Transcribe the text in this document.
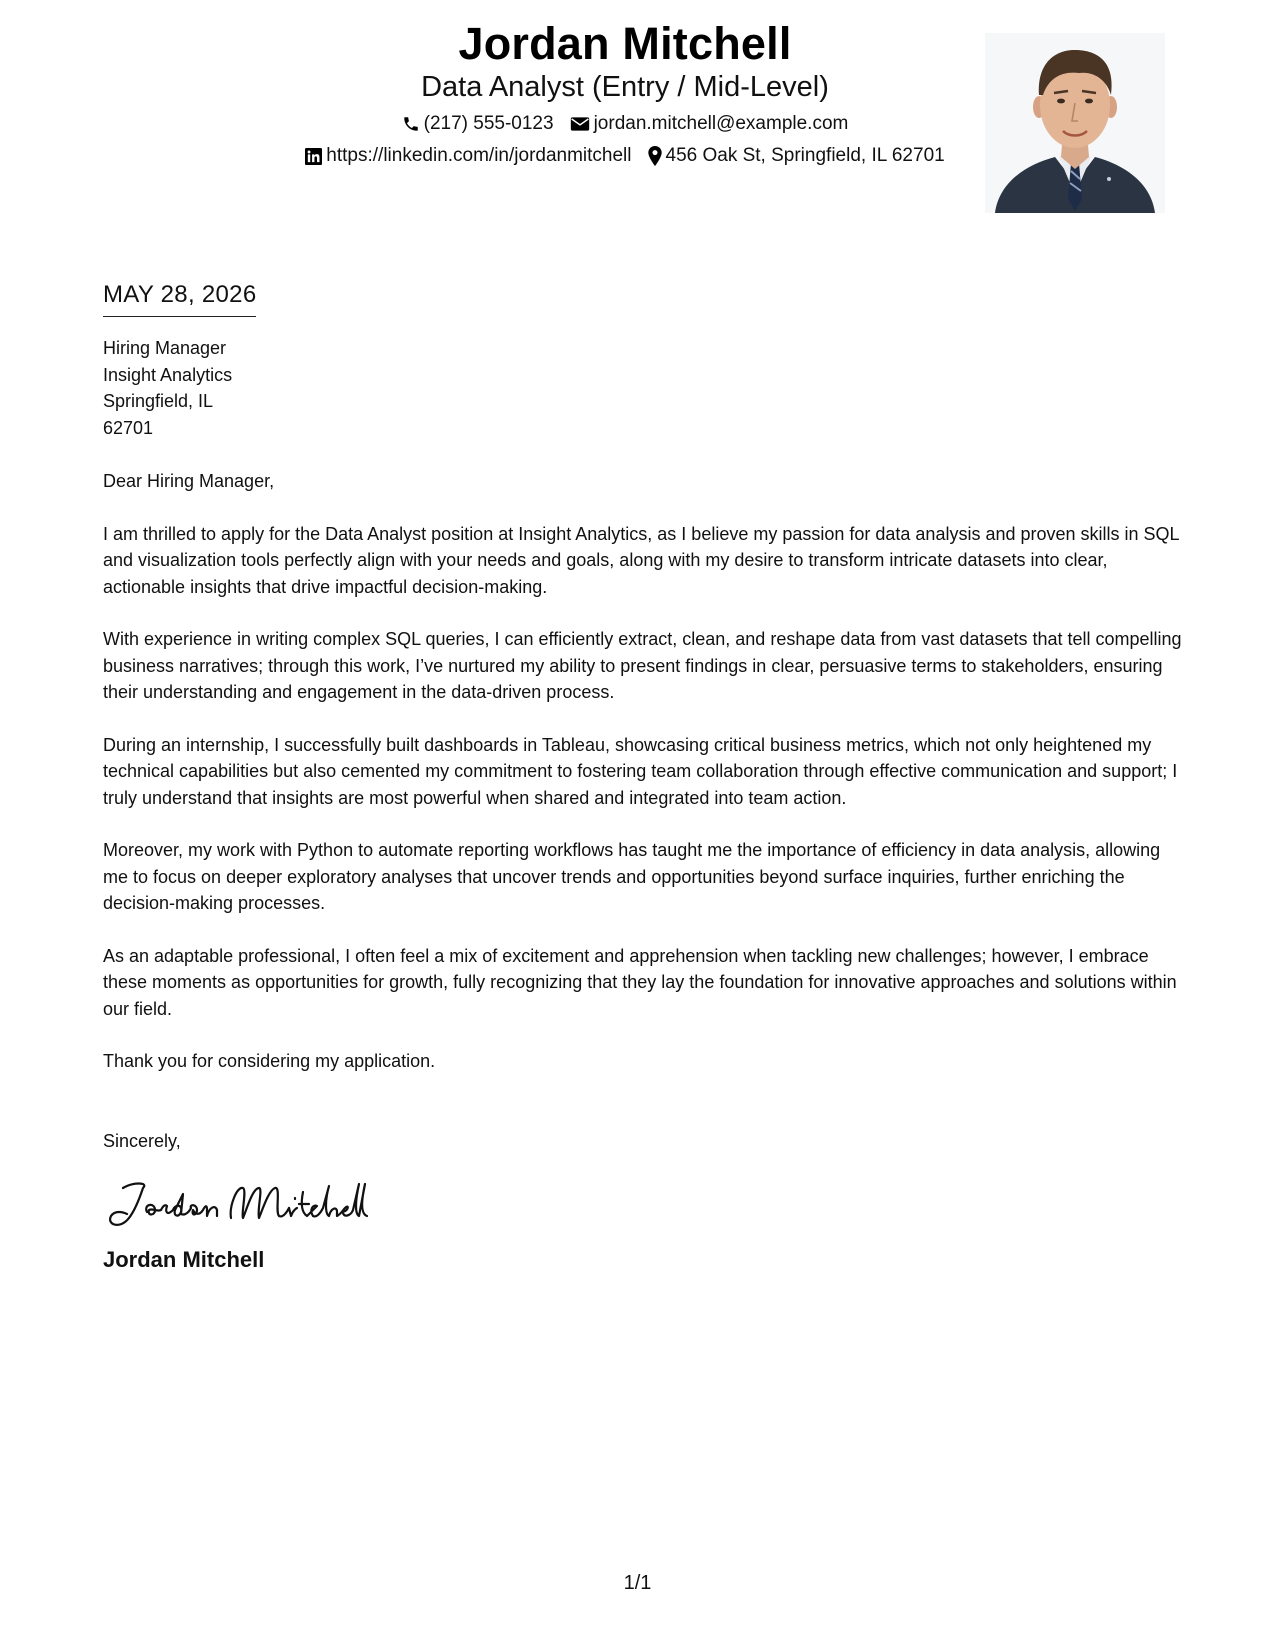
Jordan Mitchell
Data Analyst (Entry / Mid-Level)
(217) 555-0123 jordan.mitchell@example.com
https://linkedin.com/in/jordanmitchell 456 Oak St, Springfield, IL 62701
MAY 28, 2026
Hiring Manager
Insight Analytics
Springfield, IL
62701
Dear Hiring Manager,
I am thrilled to apply for the Data Analyst position at Insight Analytics, as I believe my passion for data analysis and proven skills in SQL and visualization tools perfectly align with your needs and goals, along with my desire to transform intricate datasets into clear, actionable insights that drive impactful decision-making.
With experience in writing complex SQL queries, I can efficiently extract, clean, and reshape data from vast datasets that tell compelling business narratives; through this work, I’ve nurtured my ability to present findings in clear, persuasive terms to stakeholders, ensuring their understanding and engagement in the data-driven process.
During an internship, I successfully built dashboards in Tableau, showcasing critical business metrics, which not only heightened my technical capabilities but also cemented my commitment to fostering team collaboration through effective communication and support; I truly understand that insights are most powerful when shared and integrated into team action.
Moreover, my work with Python to automate reporting workflows has taught me the importance of efficiency in data analysis, allowing me to focus on deeper exploratory analyses that uncover trends and opportunities beyond surface inquiries, further enriching the decision-making processes.
As an adaptable professional, I often feel a mix of excitement and apprehension when tackling new challenges; however, I embrace these moments as opportunities for growth, fully recognizing that they lay the foundation for innovative approaches and solutions within our field.
Thank you for considering my application.
Sincerely,
Jordan Mitchell
1/1
